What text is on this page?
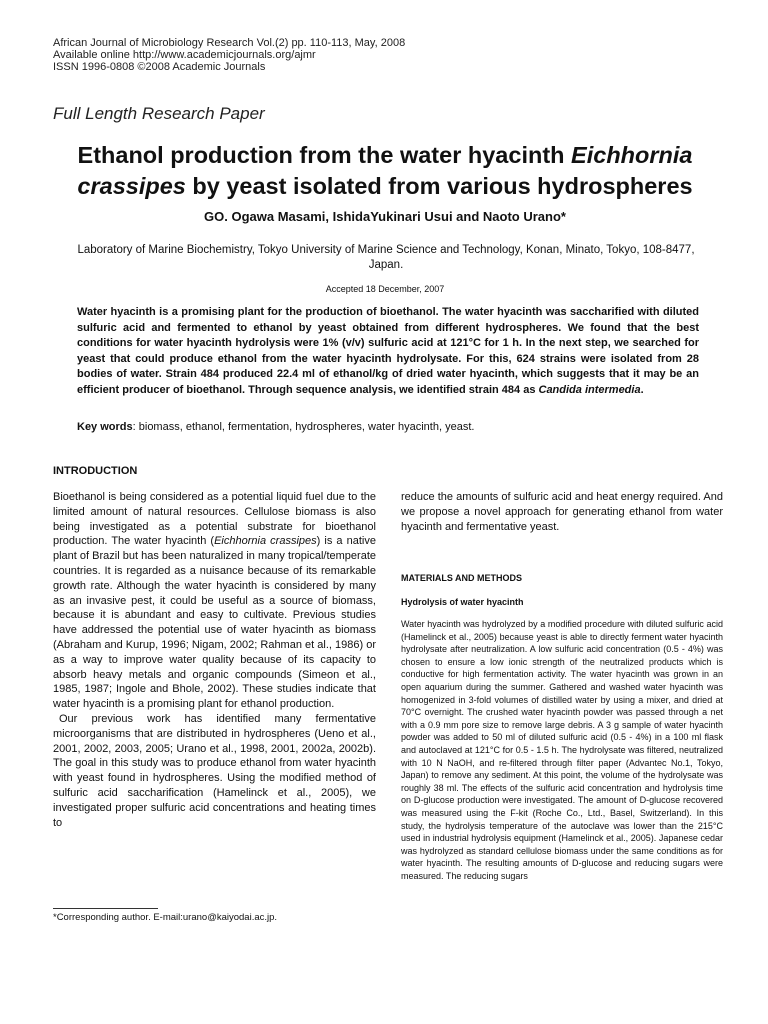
African Journal of Microbiology Research Vol.(2) pp. 110-113, May, 2008
Available online http://www.academicjournals.org/ajmr
ISSN 1996-0808 ©2008 Academic Journals
Full Length Research Paper
Ethanol production from the water hyacinth Eichhornia crassipes by yeast isolated from various hydrospheres
GO. Ogawa Masami, IshidaYukinari Usui and Naoto Urano*
Laboratory of Marine Biochemistry, Tokyo University of Marine Science and Technology, Konan, Minato, Tokyo, 108-8477, Japan.
Accepted 18 December, 2007

Water hyacinth is a promising plant for the production of bioethanol. The water hyacinth was saccharified with diluted sulfuric acid and fermented to ethanol by yeast obtained from different hydrospheres. We found that the best conditions for water hyacinth hydrolysis were 1% (v/v) sulfuric acid at 121°C for 1 h. In the next step, we searched for yeast that could produce ethanol from the water hyacinth hydrolysate. For this, 624 strains were isolated from 28 bodies of water. Strain 484 produced 22.4 ml of ethanol/kg of dried water hyacinth, which suggests that it may be an efficient producer of bioethanol. Through sequence analysis, we identified strain 484 as Candida intermedia.

Key words: biomass, ethanol, fermentation, hydrospheres, water hyacinth, yeast.
INTRODUCTION

Bioethanol is being considered as a potential liquid fuel due to the limited amount of natural resources. Cellulose biomass is also being investigated as a potential substrate for bioethanol production. The water hyacinth (Eichhornia crassipes) is a native plant of Brazil but has been naturalized in many tropical/temperate countries. It is regarded as a nuisance because of its remarkable growth rate. Although the water hyacinth is considered by many as an invasive pest, it could be useful as a source of biomass, because it is abundant and easy to cultivate. Previous studies have addressed the potential use of water hyacinth as biomass (Abraham and Kurup, 1996; Nigam, 2002; Rahman et al., 1986) or as a way to improve water quality because of its capacity to absorb heavy metals and organic compounds (Simeon et al., 1985, 1987; Ingole and Bhole, 2002). These studies indicate that water hyacinth is a promising plant for ethanol production.

Our previous work has identified many fermentative microorganisms that are distributed in hydrospheres (Ueno et al., 2001, 2002, 2003, 2005; Urano et al., 1998, 2001, 2002a, 2002b). The goal in this study was to produce ethanol from water hyacinth with yeast found in hydrospheres. Using the modified method of sulfuric acid saccharification (Hamelinck et al., 2005), we investigated proper sulfuric acid concentrations and heating times to

*Corresponding author. E-mail:urano@kaiyodai.ac.jp.

reduce the amounts of sulfuric acid and heat energy required. And we propose a novel approach for generating ethanol from water hyacinth and fermentative yeast.

MATERIALS AND METHODS
Hydrolysis of water hyacinth

Water hyacinth was hydrolyzed by a modified procedure with diluted sulfuric acid (Hamelinck et al., 2005) because yeast is able to directly ferment water hyacinth hydrolysate after neutralization. A low sulfuric acid concentration (0.5 - 4%) was chosen to ensure a low ionic strength of the neutralized products which is conductive for high fermentation activity. The water hyacinth was grown in an open aquarium during the summer. Gathered and washed water hyacinth was homogenized in 3-fold volumes of distilled water by using a mixer, and dried at 70°C overnight. The crushed water hyacinth powder was passed through a net with a 0.9 mm pore size to remove large debris. A 3 g sample of water hyacinth powder was added to 50 ml of diluted sulfuric acid (0.5 - 4%) in a 100 ml flask and autoclaved at 121°C for 0.5 - 1.5 h. The hydrolysate was filtered, neutralized with 10 N NaOH, and re-filtered through filter paper (Advantec No.1, Tokyo, Japan) to remove any sediment. At this point, the volume of the hydrolysate was roughly 38 ml. The effects of the sulfuric acid concentration and hydrolysis time on D-glucose production were investigated. The amount of D-glucose recovered was measured using the F-kit (Roche Co., Ltd., Basel, Switzerland). In this study, the hydrolysis temperature of the autoclave was lower than the 215°C used in industrial hydrolysis equipment (Hamelinck et al., 2005). Japanese cedar was hydrolyzed as standard cellulose biomass under the same conditions as for water hyacinth. The resulting amounts of D-glucose and reducing sugars were measured. The reducing sugars
